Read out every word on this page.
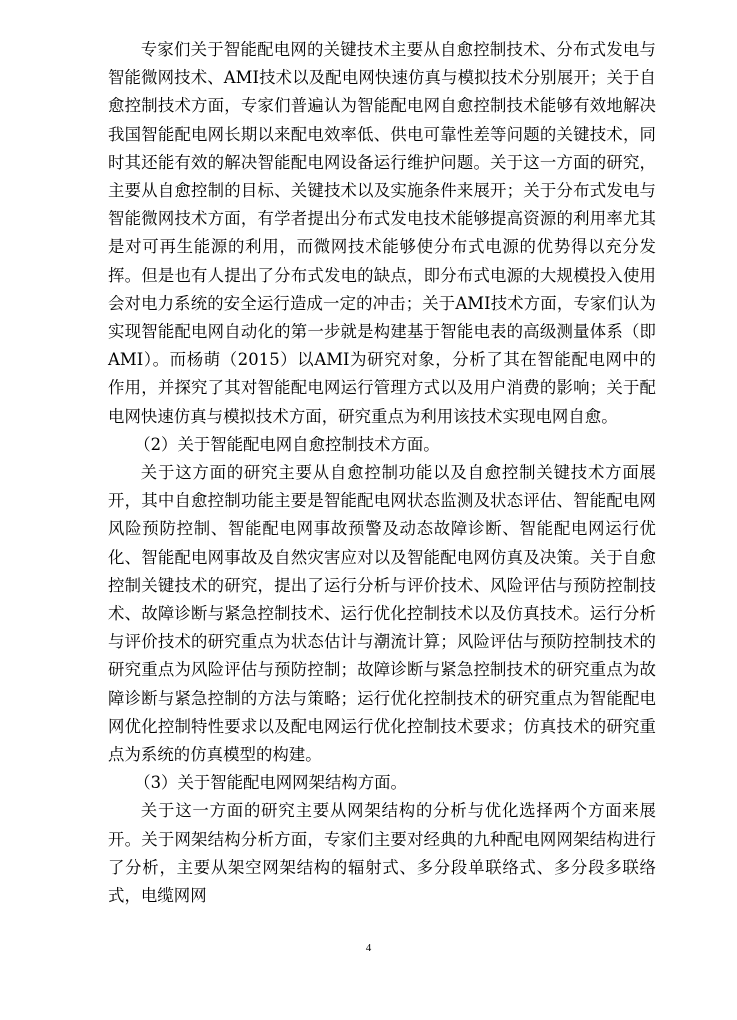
专家们关于智能配电网的关键技术主要从自愈控制技术、分布式发电与智能微网技术、AMI技术以及配电网快速仿真与模拟技术分别展开；关于自愈控制技术方面，专家们普遍认为智能配电网自愈控制技术能够有效地解决我国智能配电网长期以来配电效率低、供电可靠性差等问题的关键技术，同时其还能有效的解决智能配电网设备运行维护问题。关于这一方面的研究，主要从自愈控制的目标、关键技术以及实施条件来展开；关于分布式发电与智能微网技术方面，有学者提出分布式发电技术能够提高资源的利用率尤其是对可再生能源的利用，而微网技术能够使分布式电源的优势得以充分发挥。但是也有人提出了分布式发电的缺点，即分布式电源的大规模投入使用会对电力系统的安全运行造成一定的冲击；关于AMI技术方面，专家们认为实现智能配电网自动化的第一步就是构建基于智能电表的高级测量体系（即AMI）。而杨萌（2015）以AMI为研究对象，分析了其在智能配电网中的作用，并探究了其对智能配电网运行管理方式以及用户消费的影响；关于配电网快速仿真与模拟技术方面，研究重点为利用该技术实现电网自愈。

（2）关于智能配电网自愈控制技术方面。

关于这方面的研究主要从自愈控制功能以及自愈控制关键技术方面展开，其中自愈控制功能主要是智能配电网状态监测及状态评估、智能配电网风险预防控制、智能配电网事故预警及动态故障诊断、智能配电网运行优化、智能配电网事故及自然灾害应对以及智能配电网仿真及决策。关于自愈控制关键技术的研究，提出了运行分析与评价技术、风险评估与预防控制技术、故障诊断与紧急控制技术、运行优化控制技术以及仿真技术。运行分析与评价技术的研究重点为状态估计与潮流计算；风险评估与预防控制技术的研究重点为风险评估与预防控制；故障诊断与紧急控制技术的研究重点为故障诊断与紧急控制的方法与策略；运行优化控制技术的研究重点为智能配电网优化控制特性要求以及配电网运行优化控制技术要求；仿真技术的研究重点为系统的仿真模型的构建。

（3）关于智能配电网网架结构方面。

关于这一方面的研究主要从网架结构的分析与优化选择两个方面来展开。关于网架结构分析方面，专家们主要对经典的九种配电网网架结构进行了分析，主要从架空网架结构的辐射式、多分段单联络式、多分段多联络式，电缆网网

4
